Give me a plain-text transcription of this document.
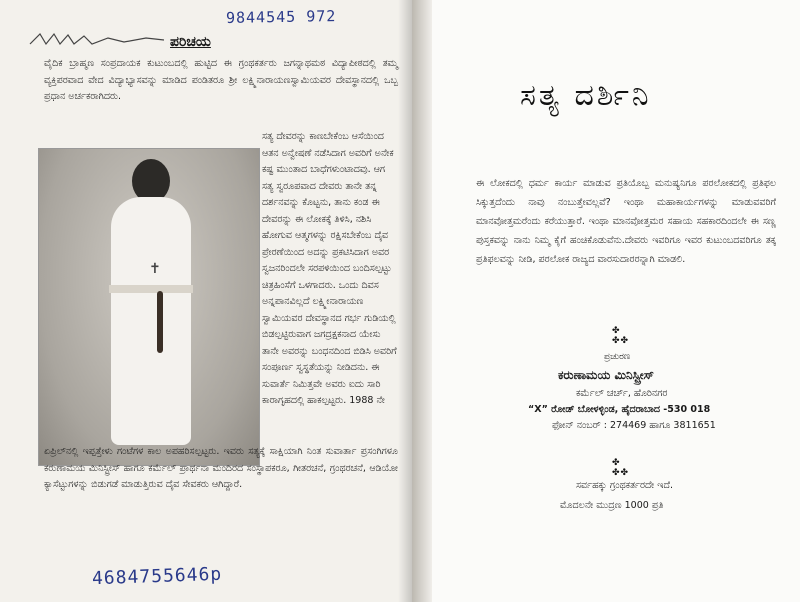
9844545 972
ಪರಿಚಯ
ವೈದಿಕ ಬ್ರಾಹ್ಮಣ ಸಂಪ್ರದಾಯಕ ಕುಟುಂಬದಲ್ಲಿ ಹುಟ್ಟಿದ ಈ ಗ್ರಂಥಕರ್ತರು ಜಗನ್ನಾಥಮಠ ವಿದ್ಯಾಪೀಠದಲ್ಲಿ ತಮ್ಮ ವ್ಯಕ್ತಿಪರವಾದ ವೇದ ವಿದ್ಯಾಭ್ಯಾಸವನ್ನು ಮಾಡಿದ ಪಂಡಿತರೂ ಶ್ರೀ ಲಕ್ಷ್ಮಿನಾರಾಯಣಸ್ವಾಮಿಯವರ ದೇವಸ್ಥಾನದಲ್ಲಿ ಒಬ್ಬ ಪ್ರಧಾನ ಅರ್ಚಕರಾಗಿದರು.
✝
ಸತ್ಯ ದೇವರನ್ನು ಕಾಣಬೇಕೆಂಬ ಆಸೆಯಿಂದ ಆತನ ಅನ್ವೇಷಣೆ ನಡೆಸಿದಾಗ ಅವರಿಗೆ ಅನೇಕ ಕಷ್ಟ ಮುಂತಾದ ಬಾಧೆಗಳುಂಟಾದವು. ಆಗ ಸತ್ಯ ಸ್ವರೂಪವಾದ ದೇವರು ತಾನೇ ತನ್ನ ದರ್ಶನವನ್ನು ಕೊಟ್ಟನು, ತಾನು ಕಂಡ ಈ ದೇವರನ್ನು ಈ ಲೋಕಕ್ಕೆ ತಿಳಿಸಿ, ನಶಿಸಿ ಹೋಗುವ ಆತ್ಮಗಳನ್ನು ರಕ್ಷಿಸಬೇಕೆಂಬ ದೈವ ಪ್ರೇರಣೆಯಿಂದ ಅದನ್ನು ಪ್ರಕಟಿಸಿದಾಗ ಅವರ ಸ್ವಜನರಿಂದಲೇ ಸರಪಳಿಯಿಂದ ಬಂದಿಸಲ್ಪಟ್ಟು ಚಿತ್ರಹಿಂಸೆಗೆ ಒಳಗಾದರು. ಒಂದು ದಿವಸ ಅನ್ನಪಾನವಿಲ್ಲದೆ ಲಕ್ಷ್ಮೀನಾರಾಯಣ ಸ್ವಾಮಿಯವರ ದೇವಸ್ಥಾನದ ಗರ್ಭ ಗುಡಿಯಲ್ಲಿ ಬಿಡಲ್ಪಟ್ಟಿರುವಾಗ ಜಗದ್ರಕ್ಷಕನಾದ ಯೇಸು ತಾನೇ ಅವರನ್ನು ಬಂಧನದಿಂದ ಬಿಡಿಸಿ ಅವರಿಗೆ ಸಂಪೂರ್ಣ ಸ್ವಸ್ಥತೆಯನ್ನು ನೀಡಿದನು. ಈ ಸುವಾರ್ತೆ ನಿಮಿತ್ತವೇ ಅವರು ಐದು ಸಾರಿ ಕಾರಾಗೃಹದಲ್ಲಿ ಹಾಕಲ್ಪಟ್ಟರು. 1988 ನೇ
ಏಪ್ರಿಲ್‌ನಲ್ಲಿ ಇಪ್ಪತ್ತೇಳು ಗಂಟೆಗಳ ಕಾಲ ಅಪಹರಿಸಲ್ಪಟ್ಟರು. ಇವರು ಸತ್ಯಕ್ಕೆ ಸಾಕ್ಷಿಯಾಗಿ ನಿಂತ ಸುವಾರ್ತಾ ಪ್ರಸಂಗಿಗಳೂ ಕರುಣಾಮಯ ಮಿನಿಸ್ಟ್ರೀಸ್ ಹಾಗೂ ಕರ್ಮೆಲ್ ಪ್ರಾರ್ಥನಾ ಮಂದಿರದ ಸಂಸ್ಥಾಪಕರೂ, ಗೀತರಚನೆ, ಗ್ರಂಥರಚನೆ, ಆಡಿಯೋ ಕ್ಯಾಸೆಟ್ಟುಗಳನ್ನು ಬಿಡುಗಡೆ ಮಾಡುತ್ತಿರುವ ದೈವ ಸೇವಕರು ಆಗಿದ್ದಾರೆ.
4684755646p
ಸತ್ಯ ದರ್ಶಿನಿ
ಈ ಲೋಕದಲ್ಲಿ ಧರ್ಮ ಕಾರ್ಯ ಮಾಡುವ ಪ್ರತಿಯೊಬ್ಬ ಮನುಷ್ಯನಿಗೂ ಪರಲೋಕದಲ್ಲಿ ಪ್ರತಿಫಲ ಸಿಕ್ಕುತ್ತದೆಂದು ನಾವು ನಂಬುತ್ತೇವಲ್ಲವೆ? ಇಂಥಾ ಮಹಾಕಾರ್ಯಗಳನ್ನು ಮಾಡುವವರಿಗೆ ಮಾನವೋತ್ತಮರೆಂದು ಕರೆಯುತ್ತಾರೆ. ಇಂಥಾ ಮಾನವೋತ್ತಮರ ಸಹಾಯ ಸಹಕಾರದಿಂದಲೇ ಈ ಸಣ್ಣ ಪುಸ್ತಕವನ್ನು ನಾನು ನಿಮ್ಮ ಕೈಗೆ ಹಂಚಿಕೊಡುವೆನು.ದೇವರು ಇವರಿಗೂ ಇವರ ಕುಟುಂಬದವರಿಗೂ ತಕ್ಕ ಪ್ರತಿಫಲವನ್ನು ನೀಡಿ, ಪರಲೋಕ ರಾಜ್ಯದ ವಾರಸುದಾರರನ್ನಾಗಿ ಮಾಡಲಿ.
✤
✤✤
ಪ್ರಚುರಣ
ಕರುಣಾಮಯ ಮಿನಿಸ್ಟ್ರೀಸ್
ಕರ್ಮೆಲ್ ಚರ್ಚ್, ಹೊರಿನಗರ
“X” ರೋಡ್ ಬೋಳಳ್ಳಿಂಡ, ಹೈದರಾಬಾದ -530 018
ಫೋನ್ ನಂಬರ್ : 274469 ಹಾಗೂ 3811651
✤
✤✤
ಸರ್ವಹಕ್ಕು ಗ್ರಂಥಕರ್ತರದೇ ಇದೆ.
ಮೊದಲನೇ ಮುದ್ರಣ 1000 ಪ್ರತಿ
